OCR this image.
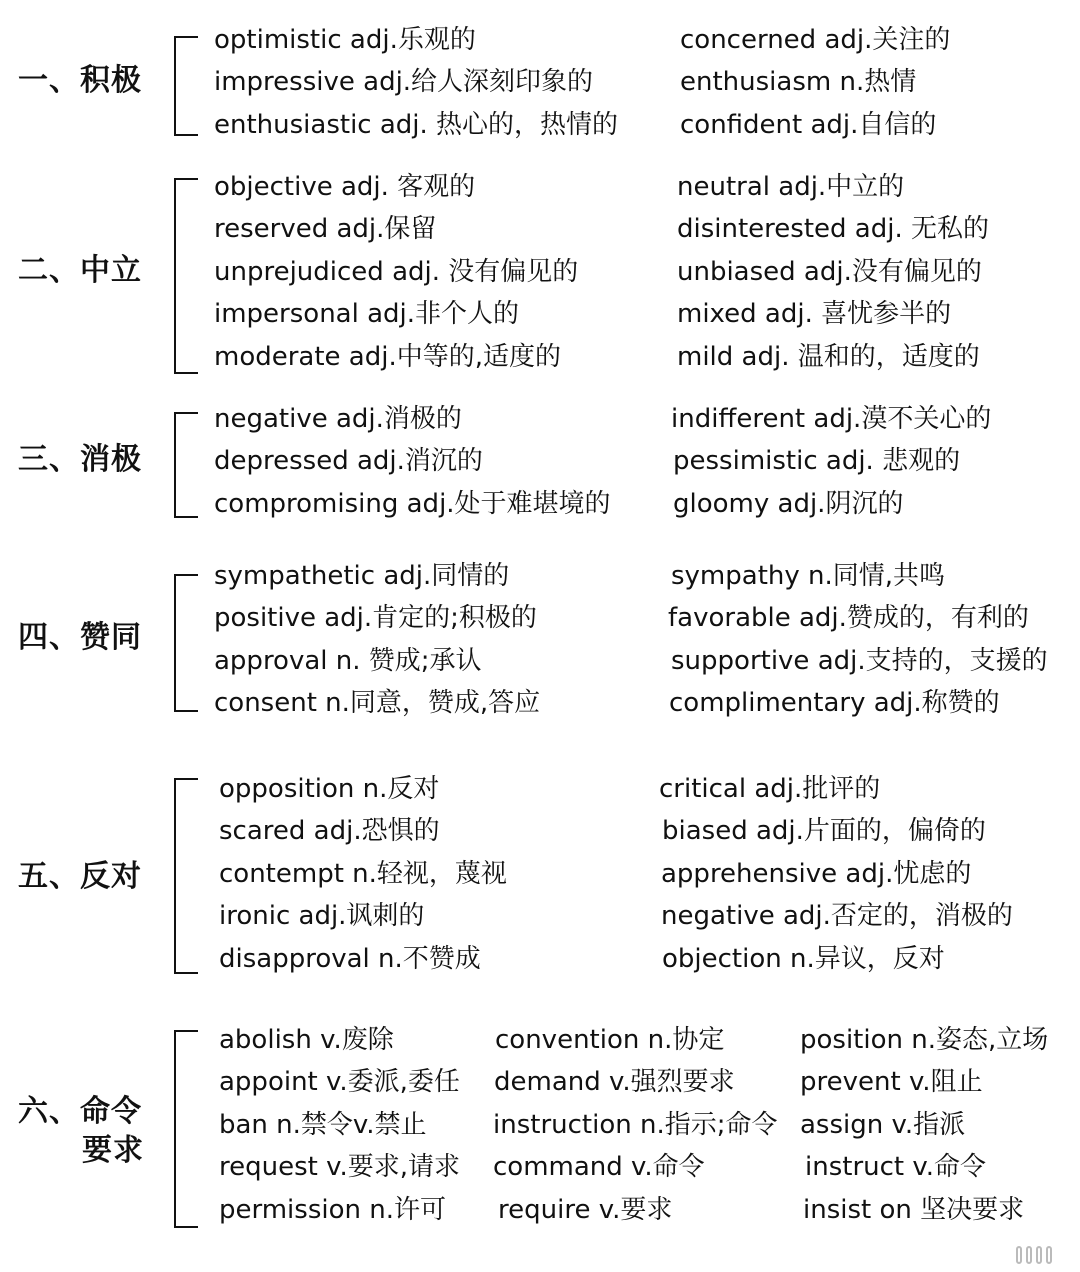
一、积极
optimistic adj.乐观的
impressive adj.给人深刻印象的
enthusiastic adj. 热心的，热情的
concerned adj.关注的
enthusiasm n.热情
confident adj.自信的
二、中立
objective adj. 客观的
reserved adj.保留
unprejudiced adj. 没有偏见的
impersonal adj.非个人的
moderate adj.中等的,适度的
neutral adj.中立的
disinterested adj. 无私的
unbiased adj.没有偏见的
mixed adj. 喜忧参半的
mild adj. 温和的，适度的
三、消极
negative adj.消极的
depressed adj.消沉的
compromising adj.处于难堪境的
indifferent adj.漠不关心的
pessimistic adj. 悲观的
gloomy adj.阴沉的
四、赞同
sympathetic adj.同情的
positive adj.肯定的;积极的
approval n. 赞成;承认
consent n.同意，赞成,答应
sympathy n.同情,共鸣
favorable adj.赞成的，有利的
supportive adj.支持的，支援的
complimentary adj.称赞的
五、反对
opposition n.反对
scared adj.恐惧的
contempt n.轻视，蔑视
ironic adj.讽刺的
disapproval n.不赞成
critical adj.批评的
biased adj.片面的，偏倚的
apprehensive adj.忧虑的
negative adj.否定的，消极的
objection n.异议，反对
六、命令
要求
abolish v.废除
appoint v.委派,委任
ban n.禁令v.禁止
request v.要求,请求
permission n.许可
convention n.协定
demand v.强烈要求
instruction n.指示;命令
command v.命令
require v.要求
position n.姿态,立场
prevent v.阻止
assign v.指派
instruct v.命令
insist on 坚决要求
